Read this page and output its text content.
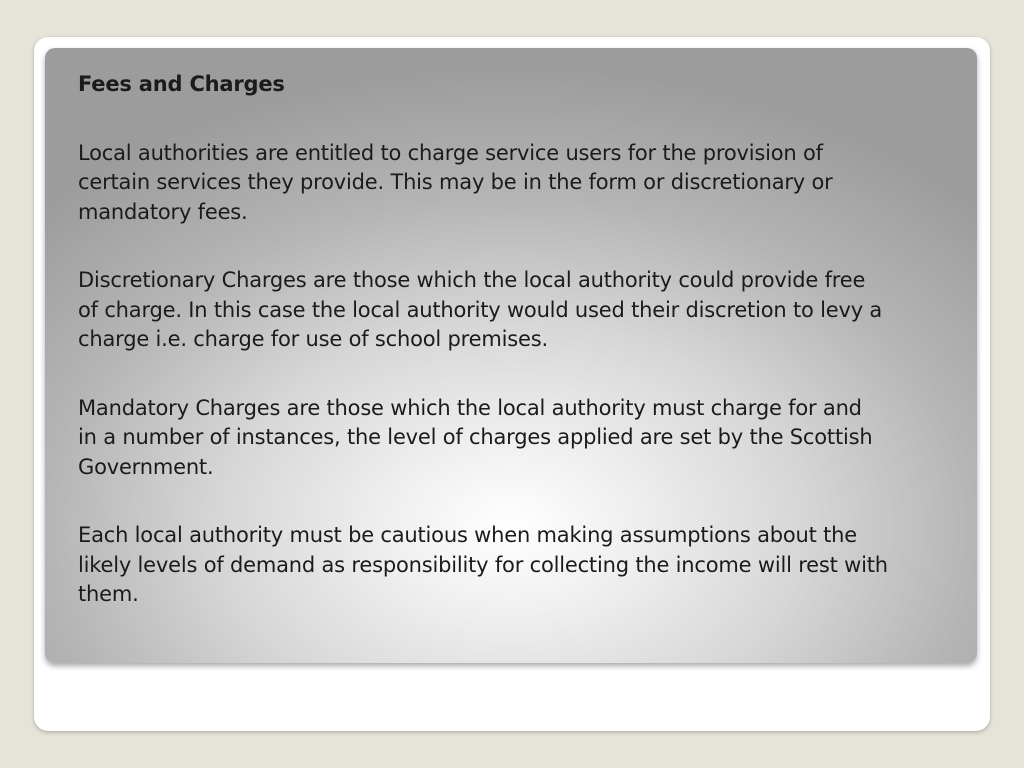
Fees and Charges

Local authorities are entitled to charge service users for the provision of
certain services they provide. This may be in the form or discretionary or
mandatory fees.

Discretionary Charges are those which the local authority could provide free
of charge. In this case the local authority would used their discretion to levy a
charge i.e. charge for use of school premises.

Mandatory Charges are those which the local authority must charge for and
in a number of instances, the level of charges applied are set by the Scottish
Government.

Each local authority must be cautious when making assumptions about the
likely levels of demand as responsibility for collecting the income will rest with
them.
